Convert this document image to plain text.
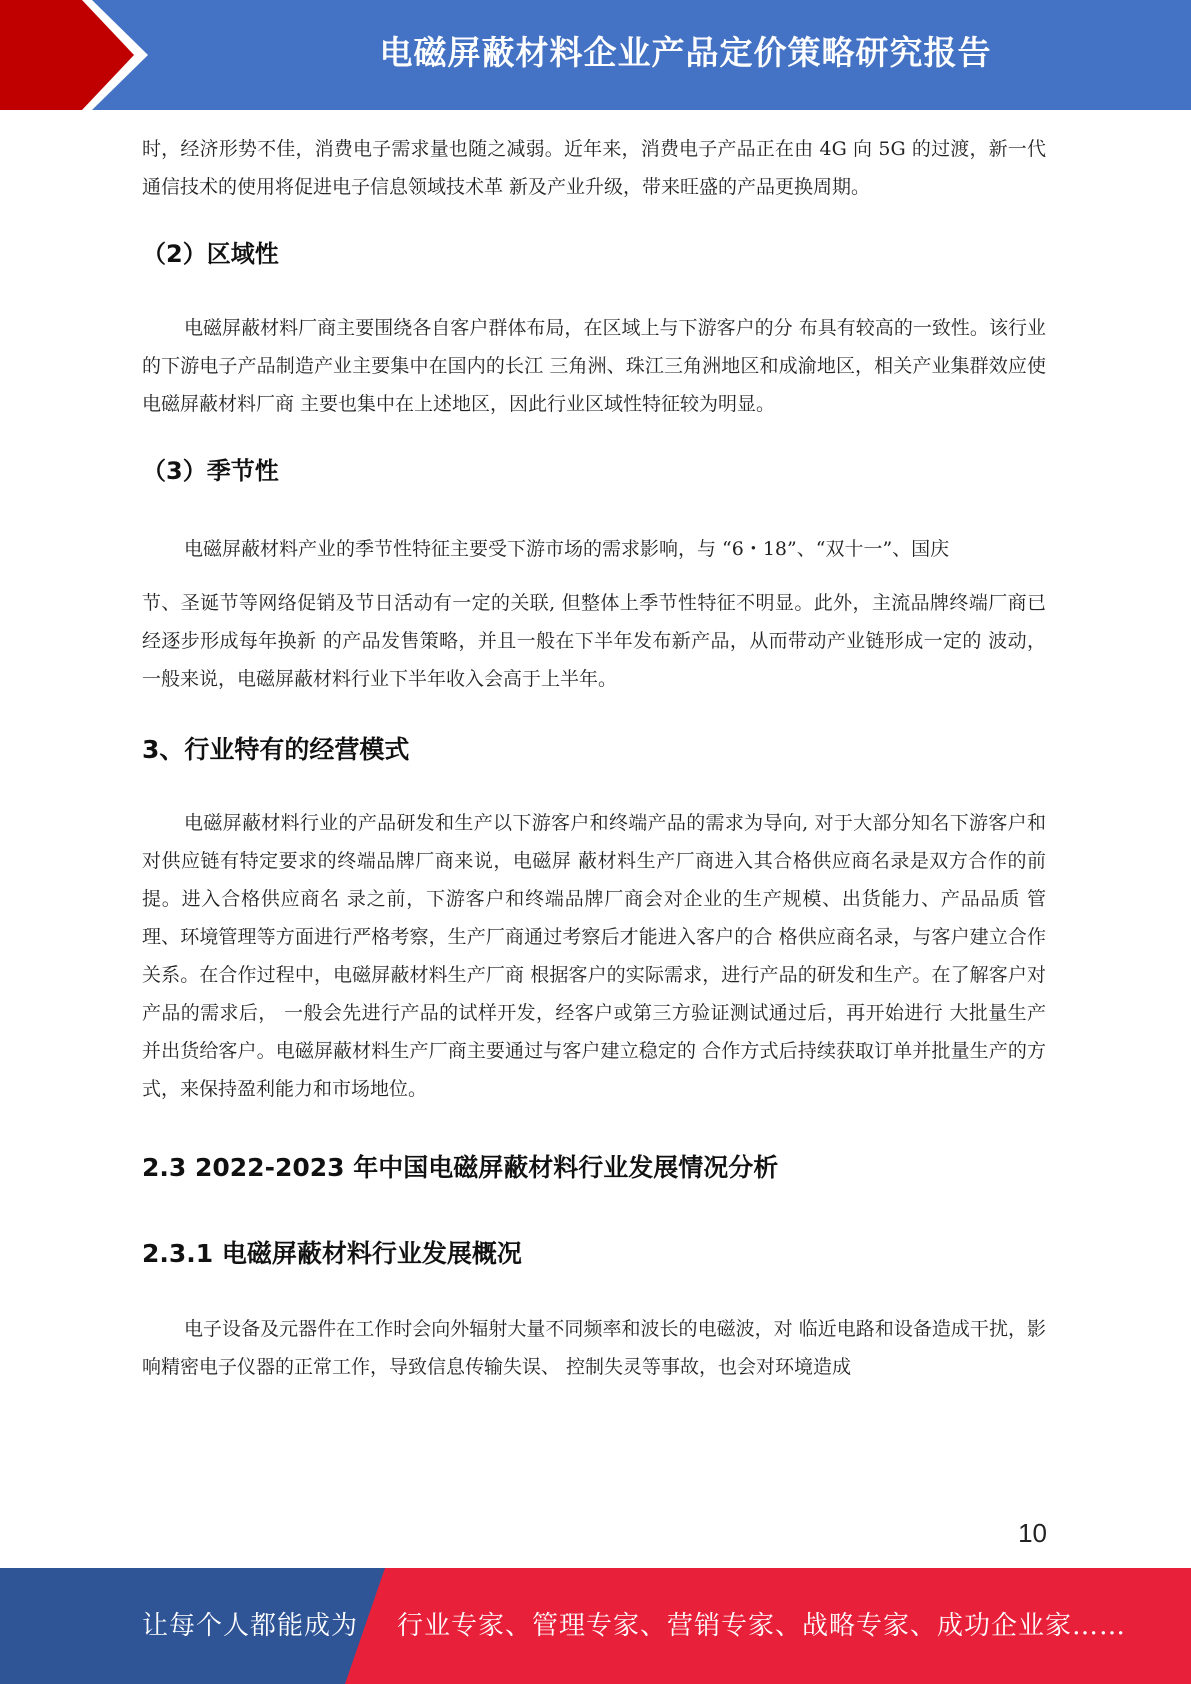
电磁屏蔽材料企业产品定价策略研究报告

时，经济形势不佳，消费电子需求量也随之减弱。近年来，消费电子产品正在由 4G 向 5G 的过渡，新一代通信技术的使用将促进电子信息领域技术革 新及产业升级，带来旺盛的产品更换周期。

（2）区域性

电磁屏蔽材料厂商主要围绕各自客户群体布局，在区域上与下游客户的分 布具有较高的一致性。该行业的下游电子产品制造产业主要集中在国内的长江 三角洲、珠江三角洲地区和成渝地区，相关产业集群效应使电磁屏蔽材料厂商 主要也集中在上述地区，因此行业区域性特征较为明显。

（3）季节性

电磁屏蔽材料产业的季节性特征主要受下游市场的需求影响，与 “6・18”、“双十一”、国庆

节、圣诞节等网络促销及节日活动有一定的关联, 但整体上季节性特征不明显。此外，主流品牌终端厂商已经逐步形成每年换新 的产品发售策略，并且一般在下半年发布新产品，从而带动产业链形成一定的 波动，一般来说，电磁屏蔽材料行业下半年收入会高于上半年。

3、行业特有的经营模式

电磁屏蔽材料行业的产品研发和生产以下游客户和终端产品的需求为导向, 对于大部分知名下游客户和对供应链有特定要求的终端品牌厂商来说，电磁屏 蔽材料生产厂商进入其合格供应商名录是双方合作的前提。进入合格供应商名 录之前，下游客户和终端品牌厂商会对企业的生产规模、出货能力、产品品质 管理、环境管理等方面进行严格考察，生产厂商通过考察后才能进入客户的合 格供应商名录，与客户建立合作关系。在合作过程中，电磁屏蔽材料生产厂商 根据客户的实际需求，进行产品的研发和生产。在了解客户对产品的需求后， 一般会先进行产品的试样开发，经客户或第三方验证测试通过后，再开始进行 大批量生产并出货给客户。电磁屏蔽材料生产厂商主要通过与客户建立稳定的 合作方式后持续获取订单并批量生产的方式，来保持盈利能力和市场地位。

2.3 2022-2023 年中国电磁屏蔽材料行业发展情况分析
2.3.1 电磁屏蔽材料行业发展概况

电子设备及元器件在工作时会向外辐射大量不同频率和波长的电磁波，对 临近电路和设备造成干扰，影响精密电子仪器的正常工作，导致信息传输失误、 控制失灵等事故，也会对环境造成

10
让每个人都能成为 行业专家、管理专家、营销专家、战略专家、成功企业家……
